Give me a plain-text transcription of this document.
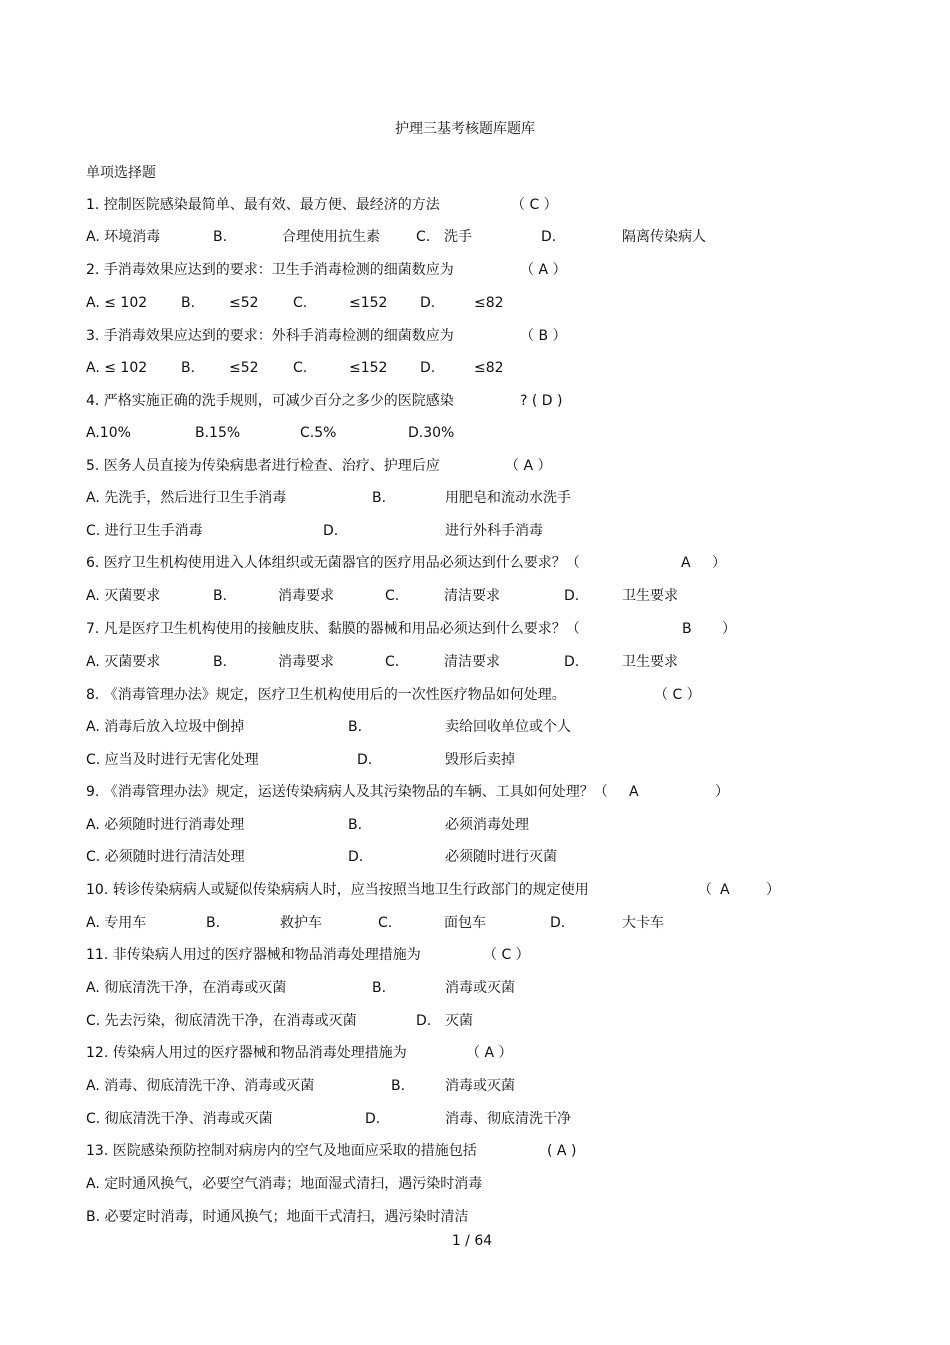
护理三基考核题库题库
单项选择题
1. 控制医院感染最简单、最有效、最方便、最经济的方法	（ C ）
A. 环境消毒	B.	合理使用抗生素	C. 洗手	D.	隔离传染病人
2. 手消毒效果应达到的要求：卫生手消毒检测的细菌数应为	（ A ）
A. ≤ 102 B. ≤52 C.	≤152 D.	≤82
3. 手消毒效果应达到的要求：外科手消毒检测的细菌数应为	（ B ）
A. ≤ 102 B. ≤52 C.	≤152 D.	≤82
4. 严格实施正确的洗手规则，可减少百分之多少的医院感染	? ( D )
A.10%	B.15%	C.5%	D.30%
5. 医务人员直接为传染病患者进行检查、治疗、护理后应	（ A ）
A. 先洗手，然后进行卫生手消毒	B.	用肥皂和流动水洗手
C. 进行卫生手消毒	D.	进行外科手消毒
6. 医疗卫生机构使用进入人体组织或无菌器官的医疗用品必须达到什么要求？（	A ）
A. 灭菌要求	B.	消毒要求	C.	清洁要求	D.	卫生要求
7. 凡是医疗卫生机构使用的接触皮肤、黏膜的器械和用品必须达到什么要求？（	B ）
A. 灭菌要求	B.	消毒要求	C.	清洁要求	D.	卫生要求
8. 《消毒管理办法》规定，医疗卫生机构使用后的一次性医疗物品如何处理。	（ C ）
A. 消毒后放入垃圾中倒掉	B.	卖给回收单位或个人
C. 应当及时进行无害化处理	D.	毁形后卖掉
9. 《消毒管理办法》规定，运送传染病病人及其污染物品的车辆、工具如何处理？（ A	）
A. 必须随时进行消毒处理	B.	必须消毒处理
C. 必须随时进行清洁处理	D.	必须随时进行灭菌
10. 转诊传染病病人或疑似传染病病人时，应当按照当地卫生行政部门的规定使用	（ A	）
A. 专用车	B.	救护车	C.	面包车	D.	大卡车
11. 非传染病人用过的医疗器械和物品消毒处理措施为	（ C ）
A. 彻底清洗干净，在消毒或灭菌	B.	消毒或灭菌
C. 先去污染，彻底清洗干净，在消毒或灭菌	D. 灭菌
12. 传染病人用过的医疗器械和物品消毒处理措施为	（ A ）
A. 消毒、彻底清洗干净、消毒或灭菌	B.	消毒或灭菌
C. 彻底清洗干净、消毒或灭菌	D.	消毒、彻底清洗干净
13. 医院感染预防控制对病房内的空气及地面应采取的措施包括	( A )
A. 定时通风换气，必要空气消毒；地面湿式清扫，遇污染时消毒
B. 必要定时消毒，时通风换气；地面干式清扫，遇污染时清洁
1 / 64
